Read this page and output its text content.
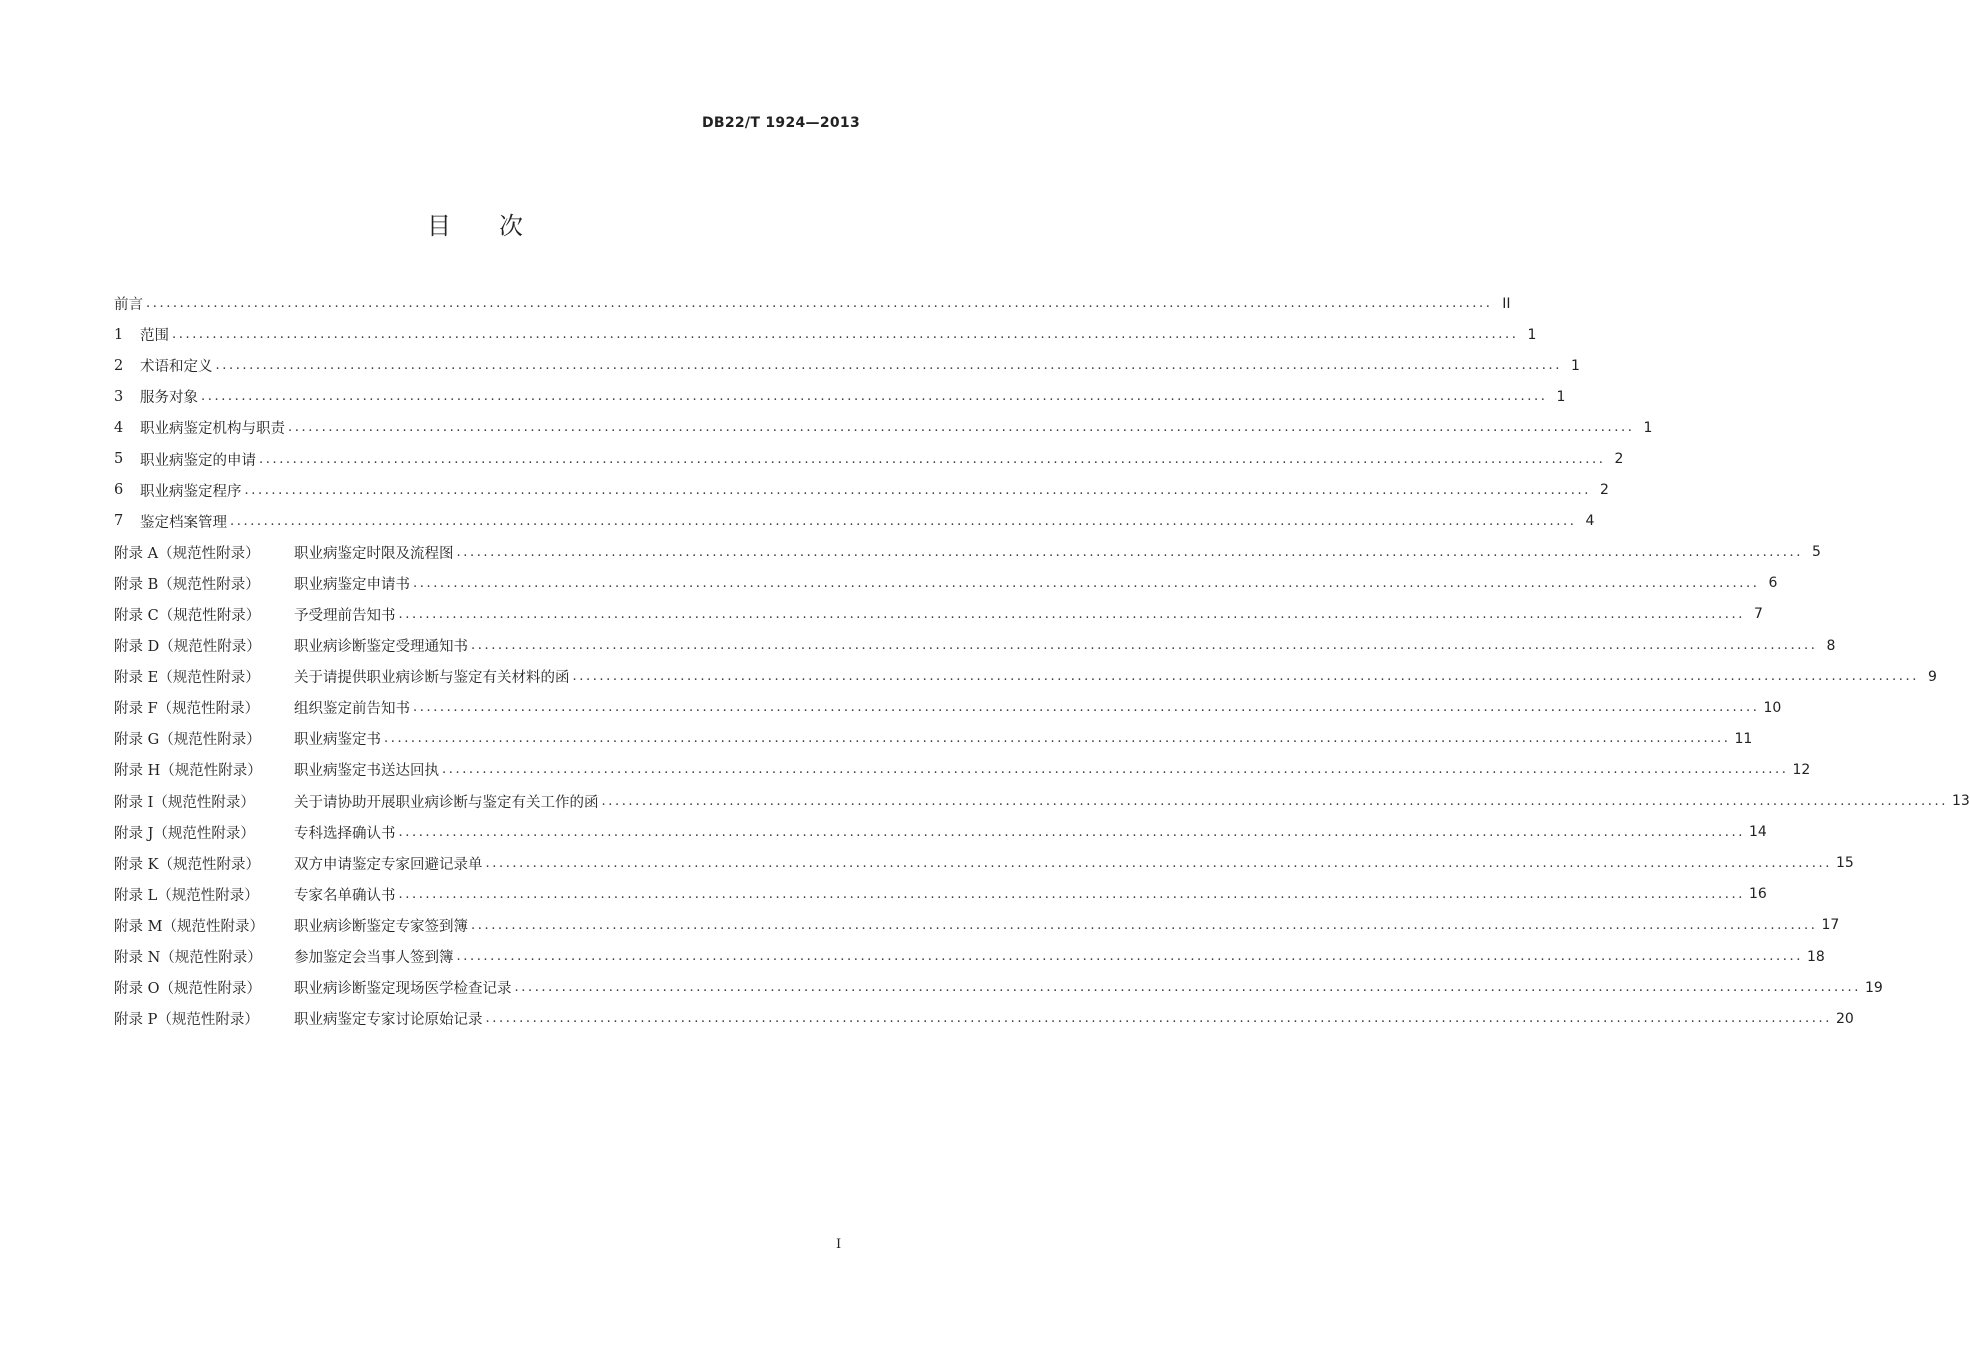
DB22/T 1924—2013
目 次
前言 ........................................................................................................................................................................................................ II
1	范围 ........................................................................................................................................................................................................ 1
2	术语和定义 ........................................................................................................................................................................................................ 1
3	服务对象 ........................................................................................................................................................................................................ 1
4	职业病鉴定机构与职责 ........................................................................................................................................................................................................ 1
5	职业病鉴定的申请 ........................................................................................................................................................................................................ 2
6	职业病鉴定程序 ........................................................................................................................................................................................................ 2
7	鉴定档案管理 ........................................................................................................................................................................................................ 4
附录 A（规范性附录）	职业病鉴定时限及流程图 ........................................................................................................................................................................................................ 5
附录 B（规范性附录）	职业病鉴定申请书 ........................................................................................................................................................................................................ 6
附录 C（规范性附录）	予受理前告知书 ........................................................................................................................................................................................................ 7
附录 D（规范性附录）	职业病诊断鉴定受理通知书 ........................................................................................................................................................................................................ 8
附录 E（规范性附录）	关于请提供职业病诊断与鉴定有关材料的函 ........................................................................................................................................................................................................ 9
附录 F（规范性附录）	组织鉴定前告知书 ........................................................................................................................................................................................................ 10
附录 G（规范性附录）	职业病鉴定书 ........................................................................................................................................................................................................ 11
附录 H（规范性附录）	职业病鉴定书送达回执 ........................................................................................................................................................................................................ 12
附录 I（规范性附录）	关于请协助开展职业病诊断与鉴定有关工作的函 ........................................................................................................................................................................................................ 13
附录 J（规范性附录）	专科选择确认书 ........................................................................................................................................................................................................ 14
附录 K（规范性附录）	双方申请鉴定专家回避记录单 ........................................................................................................................................................................................................ 15
附录 L（规范性附录）	专家名单确认书 ........................................................................................................................................................................................................ 16
附录 M（规范性附录）	职业病诊断鉴定专家签到簿 ........................................................................................................................................................................................................ 17
附录 N（规范性附录）	参加鉴定会当事人签到簿 ........................................................................................................................................................................................................ 18
附录 O（规范性附录）	职业病诊断鉴定现场医学检查记录 ........................................................................................................................................................................................................ 19
附录 P（规范性附录）	职业病鉴定专家讨论原始记录 ........................................................................................................................................................................................................ 20
I
